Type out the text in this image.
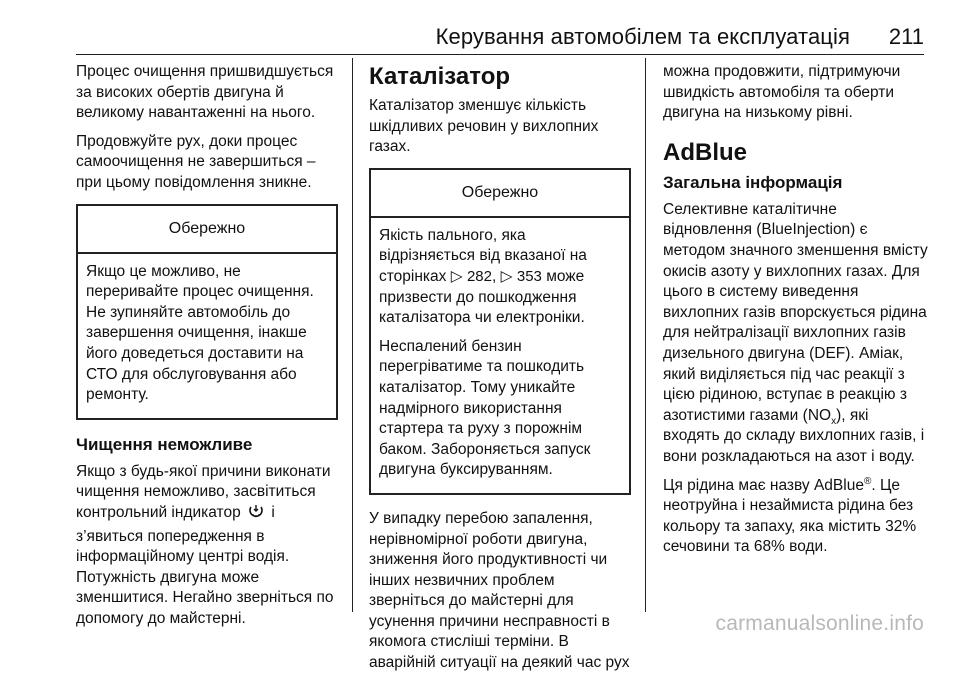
Керування автомобілем та експлуатація 211

Процес очищення пришвидшується за високих обертів двигуна й великому навантаженні на нього.

Продовжуйте рух, доки процес самоочищення не завершиться – при цьому повідомлення зникне.

Обережно

Якщо це можливо, не переривайте процес очищення. Не зупиняйте автомобіль до завершення очищення, інакше його доведеться доставити на СТО для обслуговування або ремонту.

Чищення неможливе

Якщо з будь-якої причини виконати чищення неможливо, засвітиться контрольний індикатор і з’явиться попередження в інформаційному центрі водія. Потужність двигуна може зменшитися. Негайно зверніться по допомогу до майстерні.

Каталізатор

Каталізатор зменшує кількість шкідливих речовин у вихлопних газах.

Обережно

Якість пального, яка відрізняється від вказаної на сторінках ▷ 282, ▷ 353 може призвести до пошкодження каталізатора чи електроніки.

Неспалений бензин перегріватиме та пошкодить каталізатор. Тому уникайте надмірного використання стартера та руху з порожнім баком. Забороняється запуск двигуна буксируванням.

У випадку перебою запалення, нерівномірної роботи двигуна, зниження його продуктивності чи інших незвичних проблем зверніться до майстерні для усунення причини несправності в якомога стисліші терміни. В аварійній ситуації на деякий час рух

можна продовжити, підтримуючи швидкість автомобіля та оберти двигуна на низькому рівні.

AdBlue
Загальна інформація

Селективне каталітичне відновлення (BlueInjection) є методом значного зменшення вмісту окисів азоту у вихлопних газах. Для цього в систему виведення вихлопних газів впорскується рідина для нейтралізації вихлопних газів дизельного двигуна (DEF). Аміак, який виділяється під час реакції з цією рідиною, вступає в реакцію з азотистими газами $(NO_x)$, які входять до складу вихлопних газів, і вони розкладаються на азот і воду.

Ця рідина має назву AdBlue®. Це неотруйна і незаймиста рідина без кольору та запаху, яка містить 32% сечовини та 68% води.

carmanualsonline.info
